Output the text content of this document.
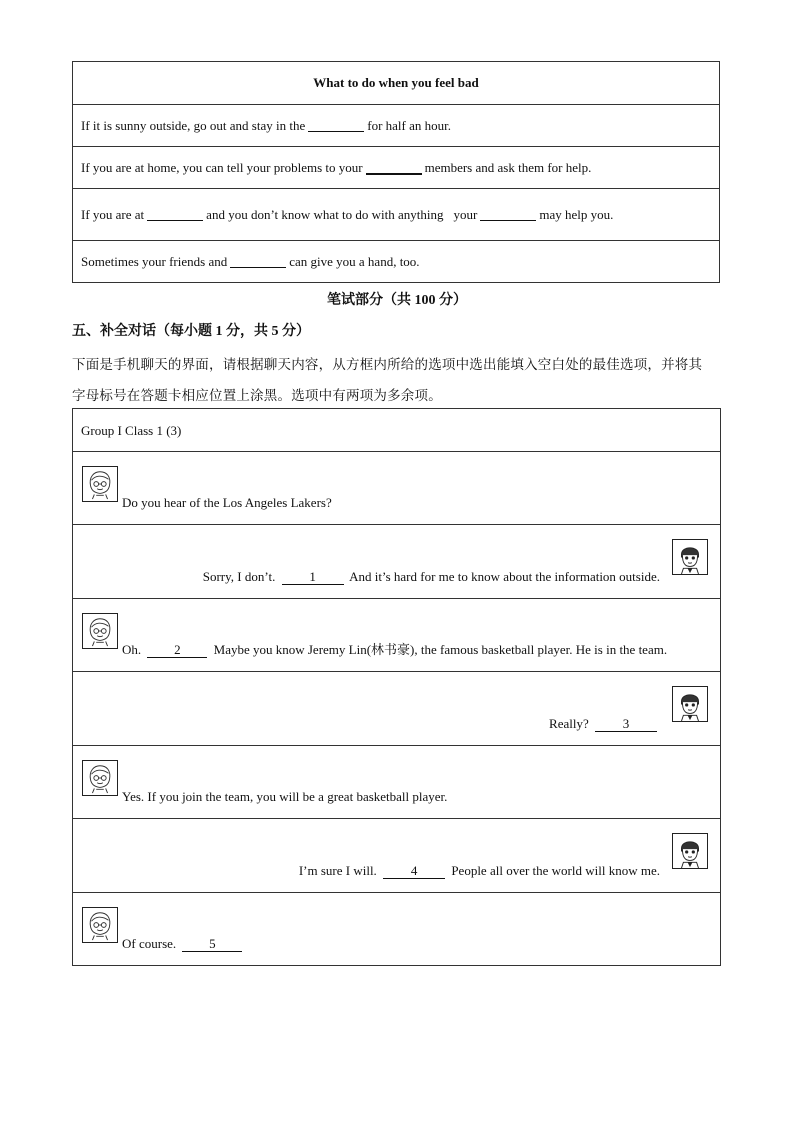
What to do when you feel bad
If it is sunny outside, go out and stay in the	for half an hour.
If you are at home, you can tell your problems to your	members and ask them for help.
If you are at	and you don’t know what to do with anything your	may help you.
Sometimes your friends and	can give you a hand, too.
笔试部分（共 100 分）
五、补全对话（每小题 1 分，共 5 分）
下面是手机聊天的界面，请根据聊天内容，从方框内所给的选项中选出能填入空白处的最佳选项，并将其
字母标号在答题卡相应位置上涂黑。选项中有两项为多余项。
Group I Class 1 (3)
Do you hear of the Los Angeles Lakers?
Sorry, I don’t.	1	And it’s hard for me to know about the information outside.
Oh.	2	Maybe you know Jeremy Lin(林书豪), the famous basketball player. He is in the team.
Really?	3
Yes. If you join the team, you will be a great basketball player.
I’m sure I will.	4	People all over the world will know me.
Of course.	5
